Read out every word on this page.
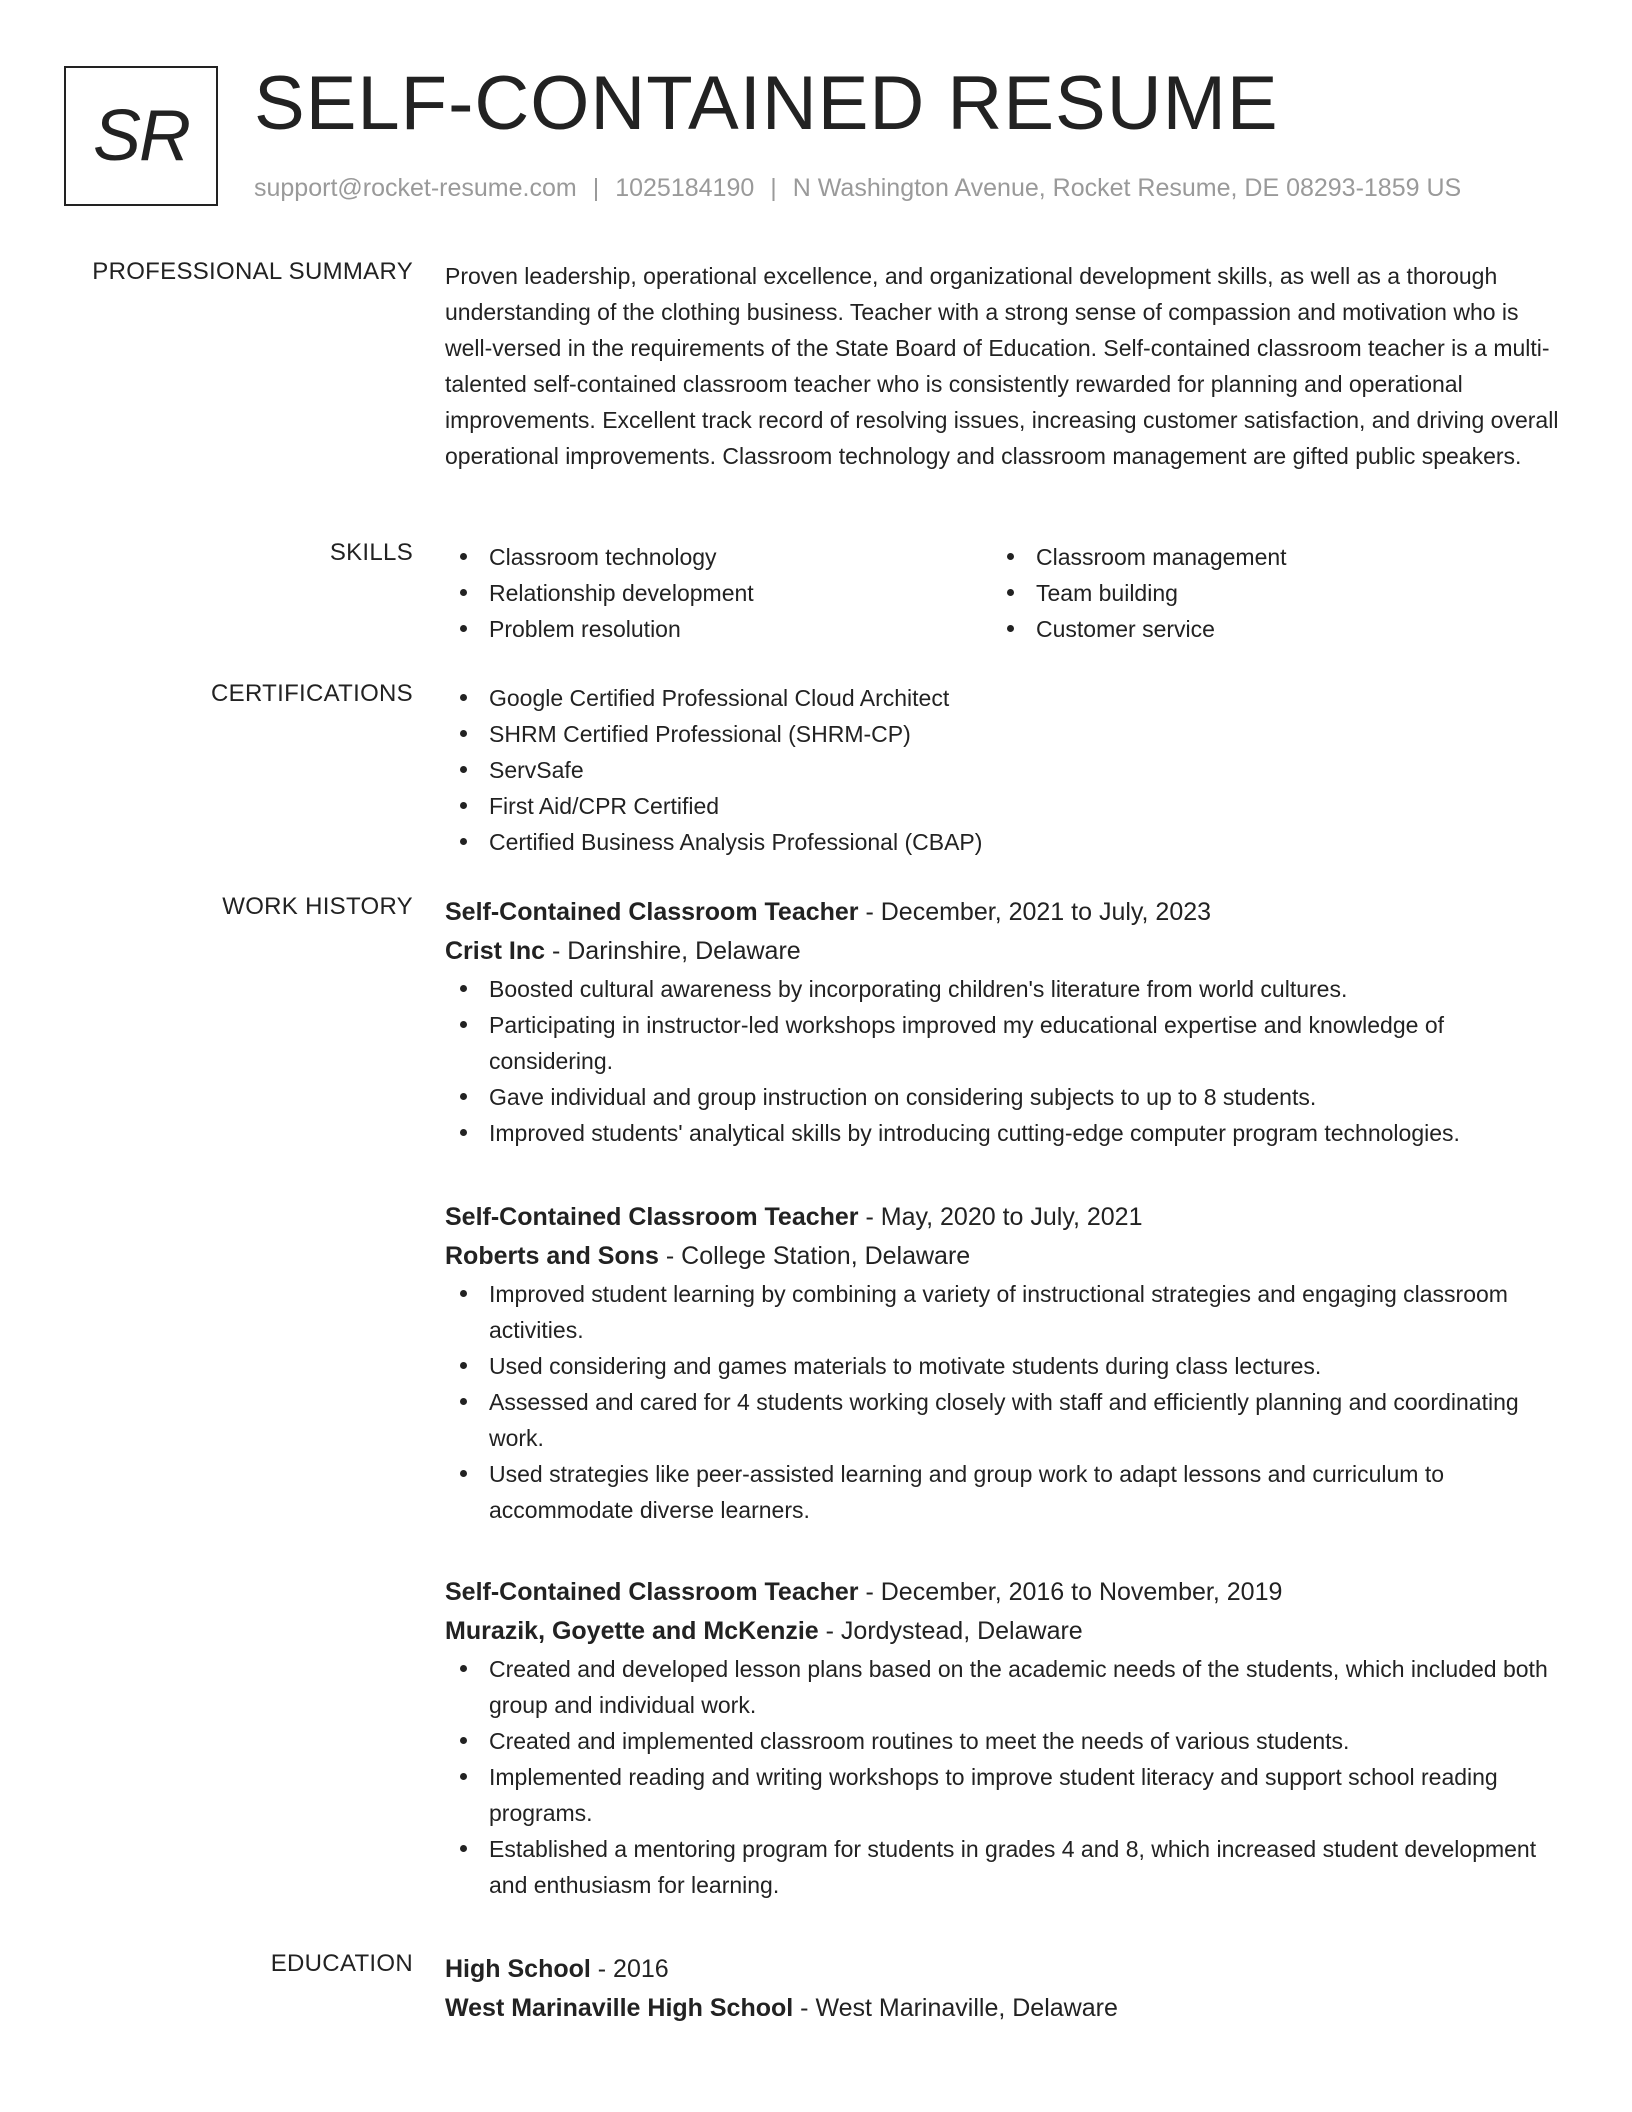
SR SELF-CONTAINED RESUME
support@rocket-resume.com | 1025184190 | N Washington Avenue, Rocket Resume, DE 08293-1859 US
PROFESSIONAL SUMMARY Proven leadership, operational excellence, and organizational development skills, as well as a thorough understanding of the clothing business. Teacher with a strong sense of compassion and motivation who is well-versed in the requirements of the State Board of Education. Self-contained classroom teacher is a multi-talented self-contained classroom teacher who is consistently rewarded for planning and operational improvements. Excellent track record of resolving issues, increasing customer satisfaction, and driving overall operational improvements. Classroom technology and classroom management are gifted public speakers.
SKILLS	Classroom technology	Classroom management
Relationship development	Team building
Problem resolution	Customer service
CERTIFICATIONS	Google Certified Professional Cloud Architect
SHRM Certified Professional (SHRM-CP)
ServSafe
First Aid/CPR Certified
Certified Business Analysis Professional (CBAP)
WORK HISTORY Self-Contained Classroom Teacher - December, 2021 to July, 2023
Crist Inc - Darinshire, Delaware
Boosted cultural awareness by incorporating children's literature from world cultures.
Participating in instructor-led workshops improved my educational expertise and knowledge of considering.
Gave individual and group instruction on considering subjects to up to 8 students.
Improved students' analytical skills by introducing cutting-edge computer program technologies.
Self-Contained Classroom Teacher - May, 2020 to July, 2021
Roberts and Sons - College Station, Delaware
Improved student learning by combining a variety of instructional strategies and engaging classroom activities.
Used considering and games materials to motivate students during class lectures.
Assessed and cared for 4 students working closely with staff and efficiently planning and coordinating work.
Used strategies like peer-assisted learning and group work to adapt lessons and curriculum to accommodate diverse learners.
Self-Contained Classroom Teacher - December, 2016 to November, 2019
Murazik, Goyette and McKenzie - Jordystead, Delaware
Created and developed lesson plans based on the academic needs of the students, which included both group and individual work.
Created and implemented classroom routines to meet the needs of various students.
Implemented reading and writing workshops to improve student literacy and support school reading programs.
Established a mentoring program for students in grades 4 and 8, which increased student development and enthusiasm for learning.
EDUCATION High School - 2016
West Marinaville High School - West Marinaville, Delaware
